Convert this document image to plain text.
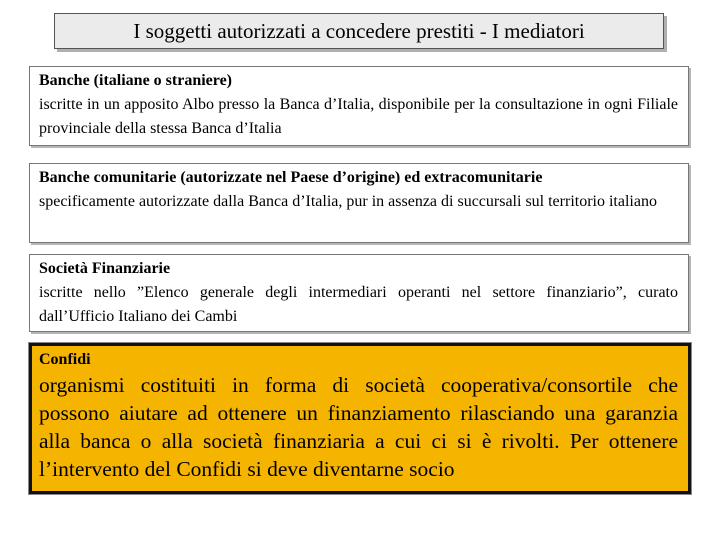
I soggetti autorizzati a concedere prestiti - I mediatori
Banche (italiane o straniere)
iscritte in un apposito Albo presso la Banca d’Italia, disponibile per la consultazione in ogni Filiale provinciale della stessa Banca d’Italia
Banche comunitarie (autorizzate nel Paese d’origine) ed extracomunitarie
specificamente autorizzate dalla Banca d’Italia, pur in assenza di succursali sul territorio italiano
Società Finanziarie
iscritte nello ”Elenco generale degli intermediari operanti nel settore finanziario”, curato dall’Ufficio Italiano dei Cambi
Confidi
organismi costituiti in forma di società cooperativa/consortile che possono aiutare ad ottenere un finanziamento rilasciando una garanzia alla banca o alla società finanziaria a cui ci si è rivolti. Per ottenere l’intervento del Confidi si deve diventarne socio
